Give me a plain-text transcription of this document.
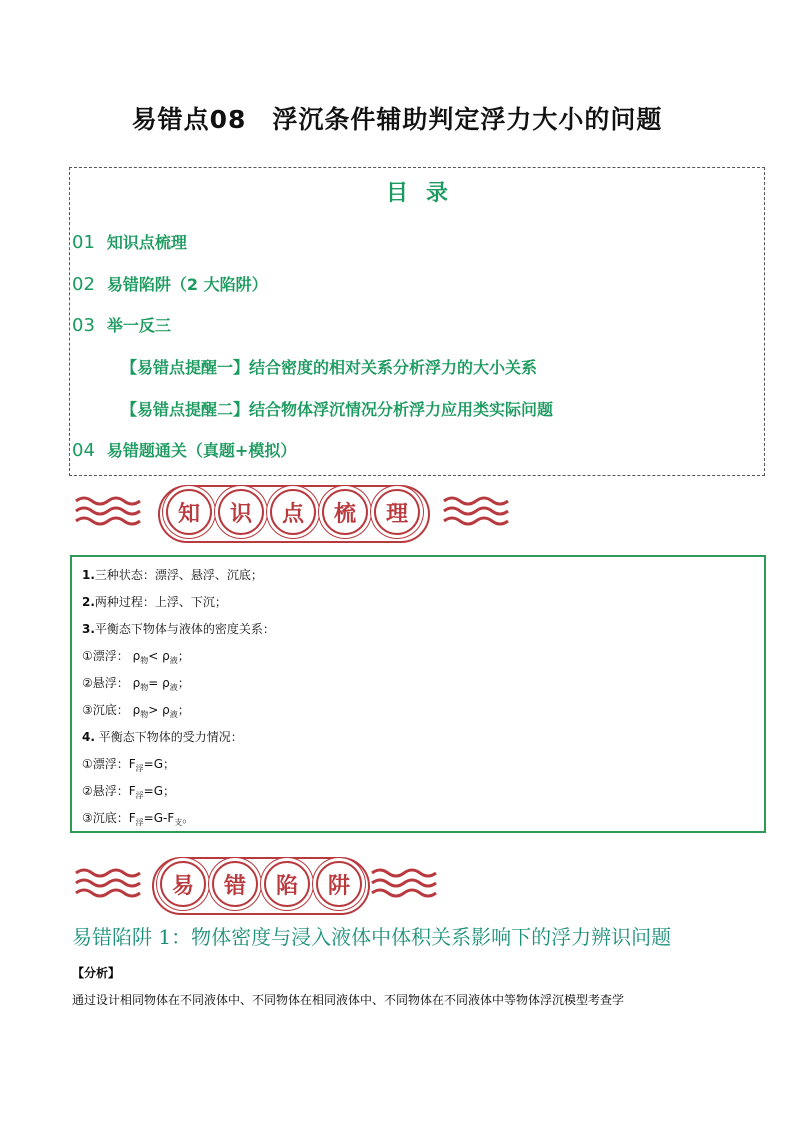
易错点08　浮沉条件辅助判定浮力大小的问题
目录
01 知识点梳理
02 易错陷阱（2 大陷阱）
03 举一反三
【易错点提醒一】结合密度的相对关系分析浮力的大小关系
【易错点提醒二】结合物体浮沉情况分析浮力应用类实际问题
04 易错题通关（真题+模拟）
知	识	点	梳	理
1.三种状态：漂浮、悬浮、沉底；
2.两种过程：上浮、下沉；
3.平衡态下物体与液体的密度关系：
①漂浮： $\rho_物< \rho_液$；
②悬浮： $\rho_物= \rho_液$；
③沉底： $\rho_物> \rho_液$；
4. 平衡态下物体的受力情况：
①漂浮：$F_浮=G$；
②悬浮：$F_浮=G$；
③沉底：$F_浮=G-F_支$。
易	错	陷	阱
易错陷阱 1：物体密度与浸入液体中体积关系影响下的浮力辨识问题
【分析】
通过设计相同物体在不同液体中、不同物体在相同液体中、不同物体在不同液体中等物体浮沉模型考查学
